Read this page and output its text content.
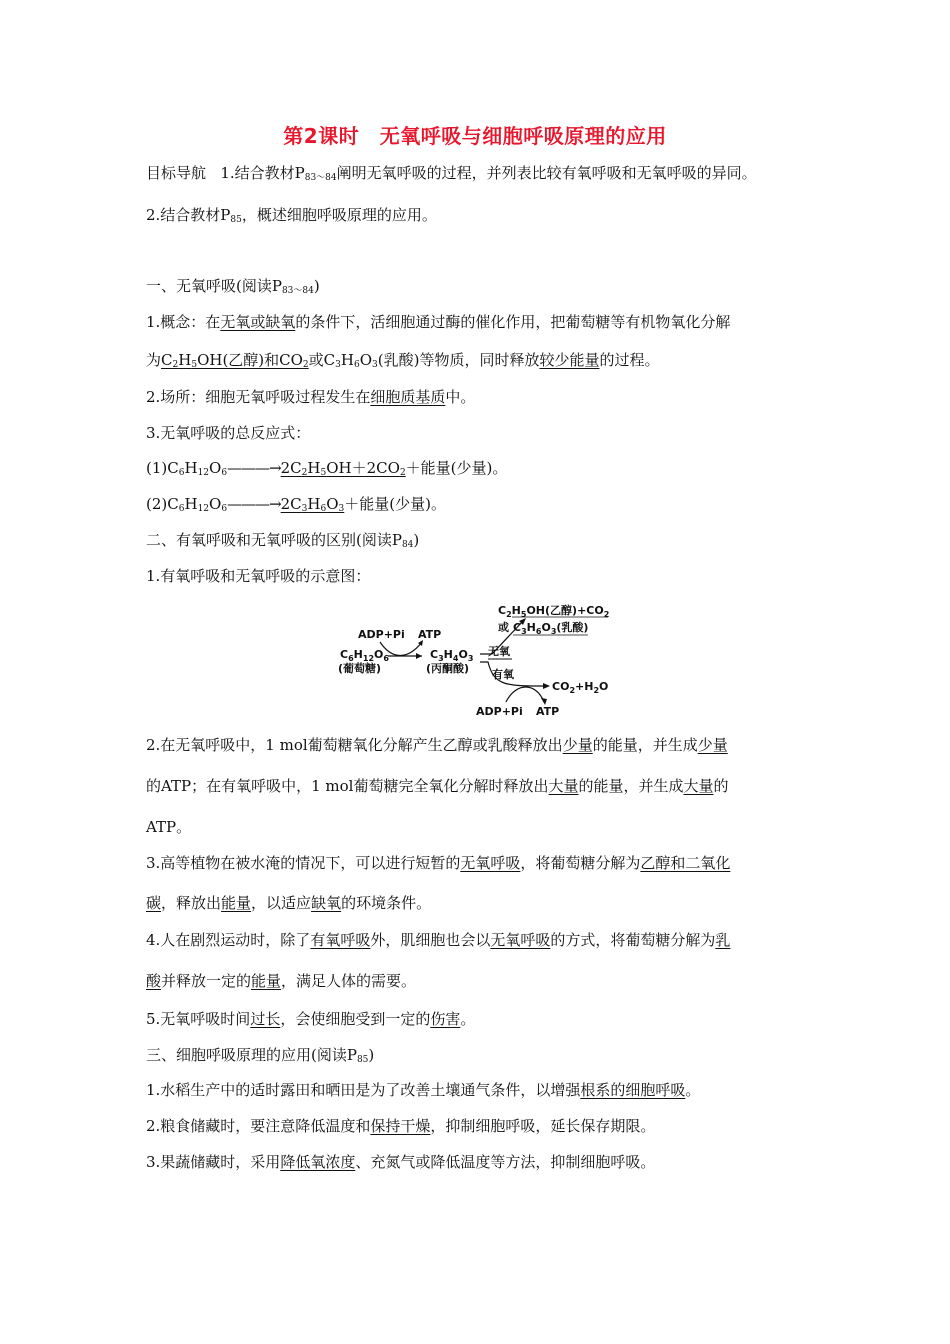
第2课时　无氧呼吸与细胞呼吸原理的应用
目标导航 1.结合教材$P_{83\sim 84}$阐明无氧呼吸的过程，并列表比较有氧呼吸和无氧呼吸的异同。
2.结合教材$P_{85}$，概述细胞呼吸原理的应用。
一、无氧呼吸(阅读$P_{83\sim 84}$)
1.概念：在无氧或缺氧的条件下，活细胞通过酶的催化作用，把葡萄糖等有机物氧化分解
为$C_2H_5OH$(乙醇)和$CO_2$或$C_3H_6O_3$(乳酸)等物质，同时释放较少能量的过程。
2.场所：细胞无氧呼吸过程发生在细胞质基质中。
3.无氧呼吸的总反应式：
$(1)C_6H_{12}O_6———\to 2C_2H_5OH+2CO_2+$能量(少量)。
$(2)C_6H_{12}O_6———\to 2C_3H_6O_3+$能量(少量)。
二、有氧呼吸和无氧呼吸的区别(阅读$P_{84}$)
1.有氧呼吸和无氧呼吸的示意图：
ADP+Pi ATP
$C_6H_{12}O_6$
(葡萄糖)
$C_3H_4O_3$
(丙酮酸)
无氧
$C_2H_5OH$(乙醇)$+CO_2$
或 $C_3H_6O_3$(乳酸)
有氧
$CO_2+H_2O$
ADP+Pi ATP
2.在无氧呼吸中，1 mol葡萄糖氧化分解产生乙醇或乳酸释放出少量的能量，并生成少量
的ATP；在有氧呼吸中，1 mol葡萄糖完全氧化分解时释放出大量的能量，并生成大量的
ATP。
3.高等植物在被水淹的情况下，可以进行短暂的无氧呼吸，将葡萄糖分解为乙醇和二氧化
碳，释放出能量，以适应缺氧的环境条件。
4.人在剧烈运动时，除了有氧呼吸外，肌细胞也会以无氧呼吸的方式，将葡萄糖分解为乳
酸并释放一定的能量，满足人体的需要。
5.无氧呼吸时间过长，会使细胞受到一定的伤害。
三、细胞呼吸原理的应用(阅读$P_{85}$)
1.水稻生产中的适时露田和晒田是为了改善土壤通气条件，以增强根系的细胞呼吸。
2.粮食储藏时，要注意降低温度和保持干燥，抑制细胞呼吸，延长保存期限。
3.果蔬储藏时，采用降低氧浓度、充氮气或降低温度等方法，抑制细胞呼吸。
